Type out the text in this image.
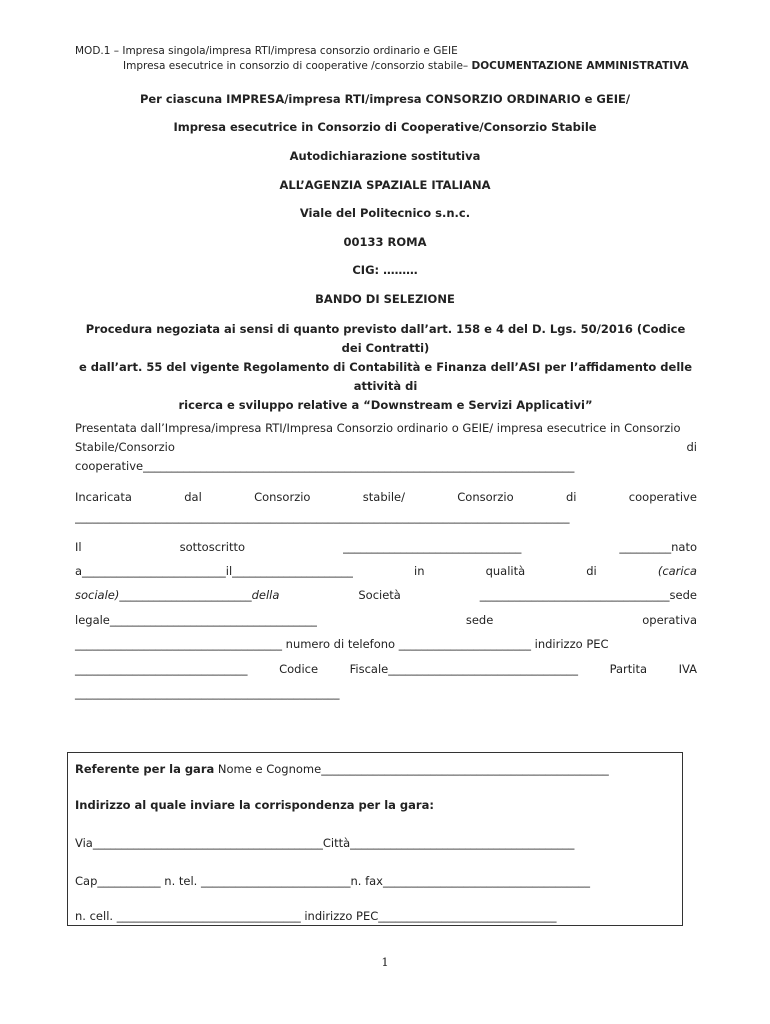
MOD.1 – Impresa singola/impresa RTI/impresa consorzio ordinario e GEIE
Impresa esecutrice in consorzio di cooperative /consorzio stabile– DOCUMENTAZIONE AMMINISTRATIVA
Per ciascuna IMPRESA/impresa RTI/impresa CONSORZIO ORDINARIO e GEIE/
Impresa esecutrice in Consorzio di Cooperative/Consorzio Stabile
Autodichiarazione sostitutiva
ALL’AGENZIA SPAZIALE ITALIANA
Viale del Politecnico s.n.c.
00133 ROMA
CIG: ………
BANDO DI SELEZIONE
Procedura negoziata ai sensi di quanto previsto dall’art. 158 e 4 del D. Lgs. 50/2016 (Codice dei Contratti)
e dall’art. 55 del vigente Regolamento di Contabilità e Finanza dell’ASI per l’affidamento delle attività di
ricerca e sviluppo relative a “Downstream e Servizi Applicativi”
Presentata dall’Impresa/impresa RTI/Impresa Consorzio ordinario o GEIE/ impresa esecutrice in Consorzio
Stabile/Consorzio	di
cooperative___________________________________________________________________________
Incaricata	dal	Consorzio	stabile/	Consorzio	di	cooperative
______________________________________________________________________________________
Il	sottoscritto	_______________________________	_________nato
a_________________________il_____________________	in	qualità	di	(carica
sociale)_______________________della	Società	_________________________________sede
legale____________________________________	sede	operativa
____________________________________ numero di telefono _______________________ indirizzo PEC
______________________________	Codice	Fiscale_________________________________	Partita	IVA
______________________________________________
Referente per la gara Nome e Cognome__________________________________________________
Indirizzo al quale inviare la corrispondenza per la gara:
Via________________________________________Città_______________________________________
Cap___________ n. tel. __________________________n. fax____________________________________
n. cell. ________________________________ indirizzo PEC_______________________________
1
